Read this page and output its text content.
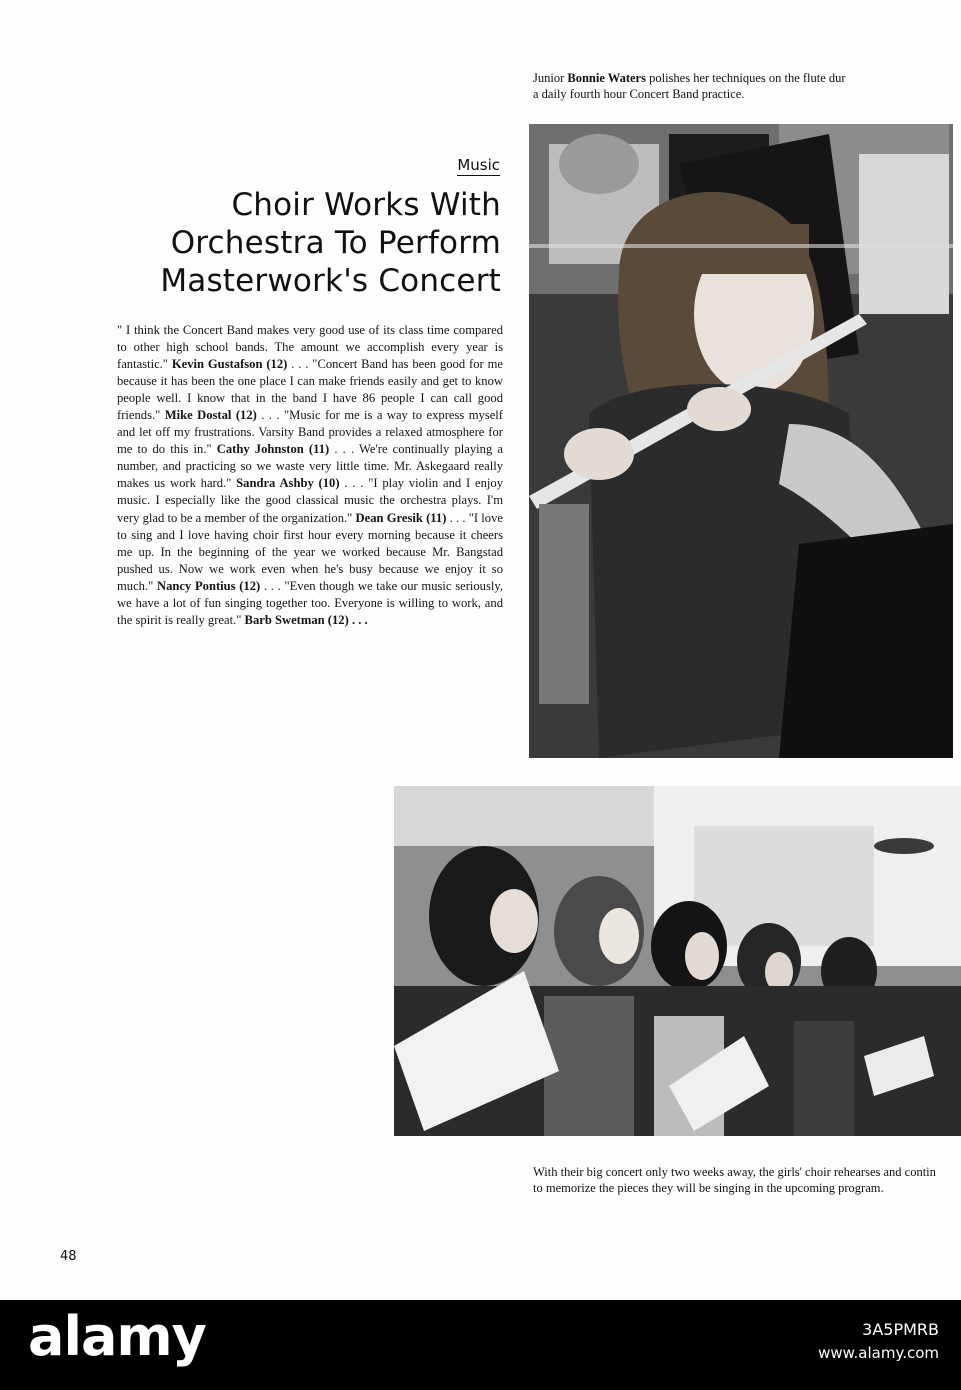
Junior Bonnie Waters polishes her techniques on the flute dur
a daily fourth hour Concert Band practice.
Music
Choir Works With
Orchestra To Perform
Masterwork's Concert
" I think the Concert Band makes very good use of its class time compared to other high school bands. The amount we accomplish every year is fantastic." Kevin Gustafson (12) . . . "Concert Band has been good for me because it has been the one place I can make friends easily and get to know people well. I know that in the band I have 86 people I can call good friends." Mike Dostal (12) . . . "Music for me is a way to express myself and let off my frustrations. Varsity Band provides a relaxed atmosphere for me to do this in." Cathy Johnston (11) . . . We're continually playing a number, and practicing so we waste very little time. Mr. Askegaard really makes us work hard." Sandra Ashby (10) . . . "I play violin and I enjoy music. I especially like the good classical music the orchestra plays. I'm very glad to be a member of the organization." Dean Gresik (11) . . . "I love to sing and I love having choir first hour every morning because it cheers me up. In the beginning of the year we worked because Mr. Bangstad pushed us. Now we work even when he's busy because we enjoy it so much." Nancy Pontius (12) . . . "Even though we take our music seriously, we have a lot of fun singing together too. Everyone is willing to work, and the spirit is really great." Barb Swetman (12) . . .
With their big concert only two weeks away, the girls' choir rehearses and contin
to memorize the pieces they will be singing in the upcoming program.
48
alamy	3A5PMRB
www.alamy.com
